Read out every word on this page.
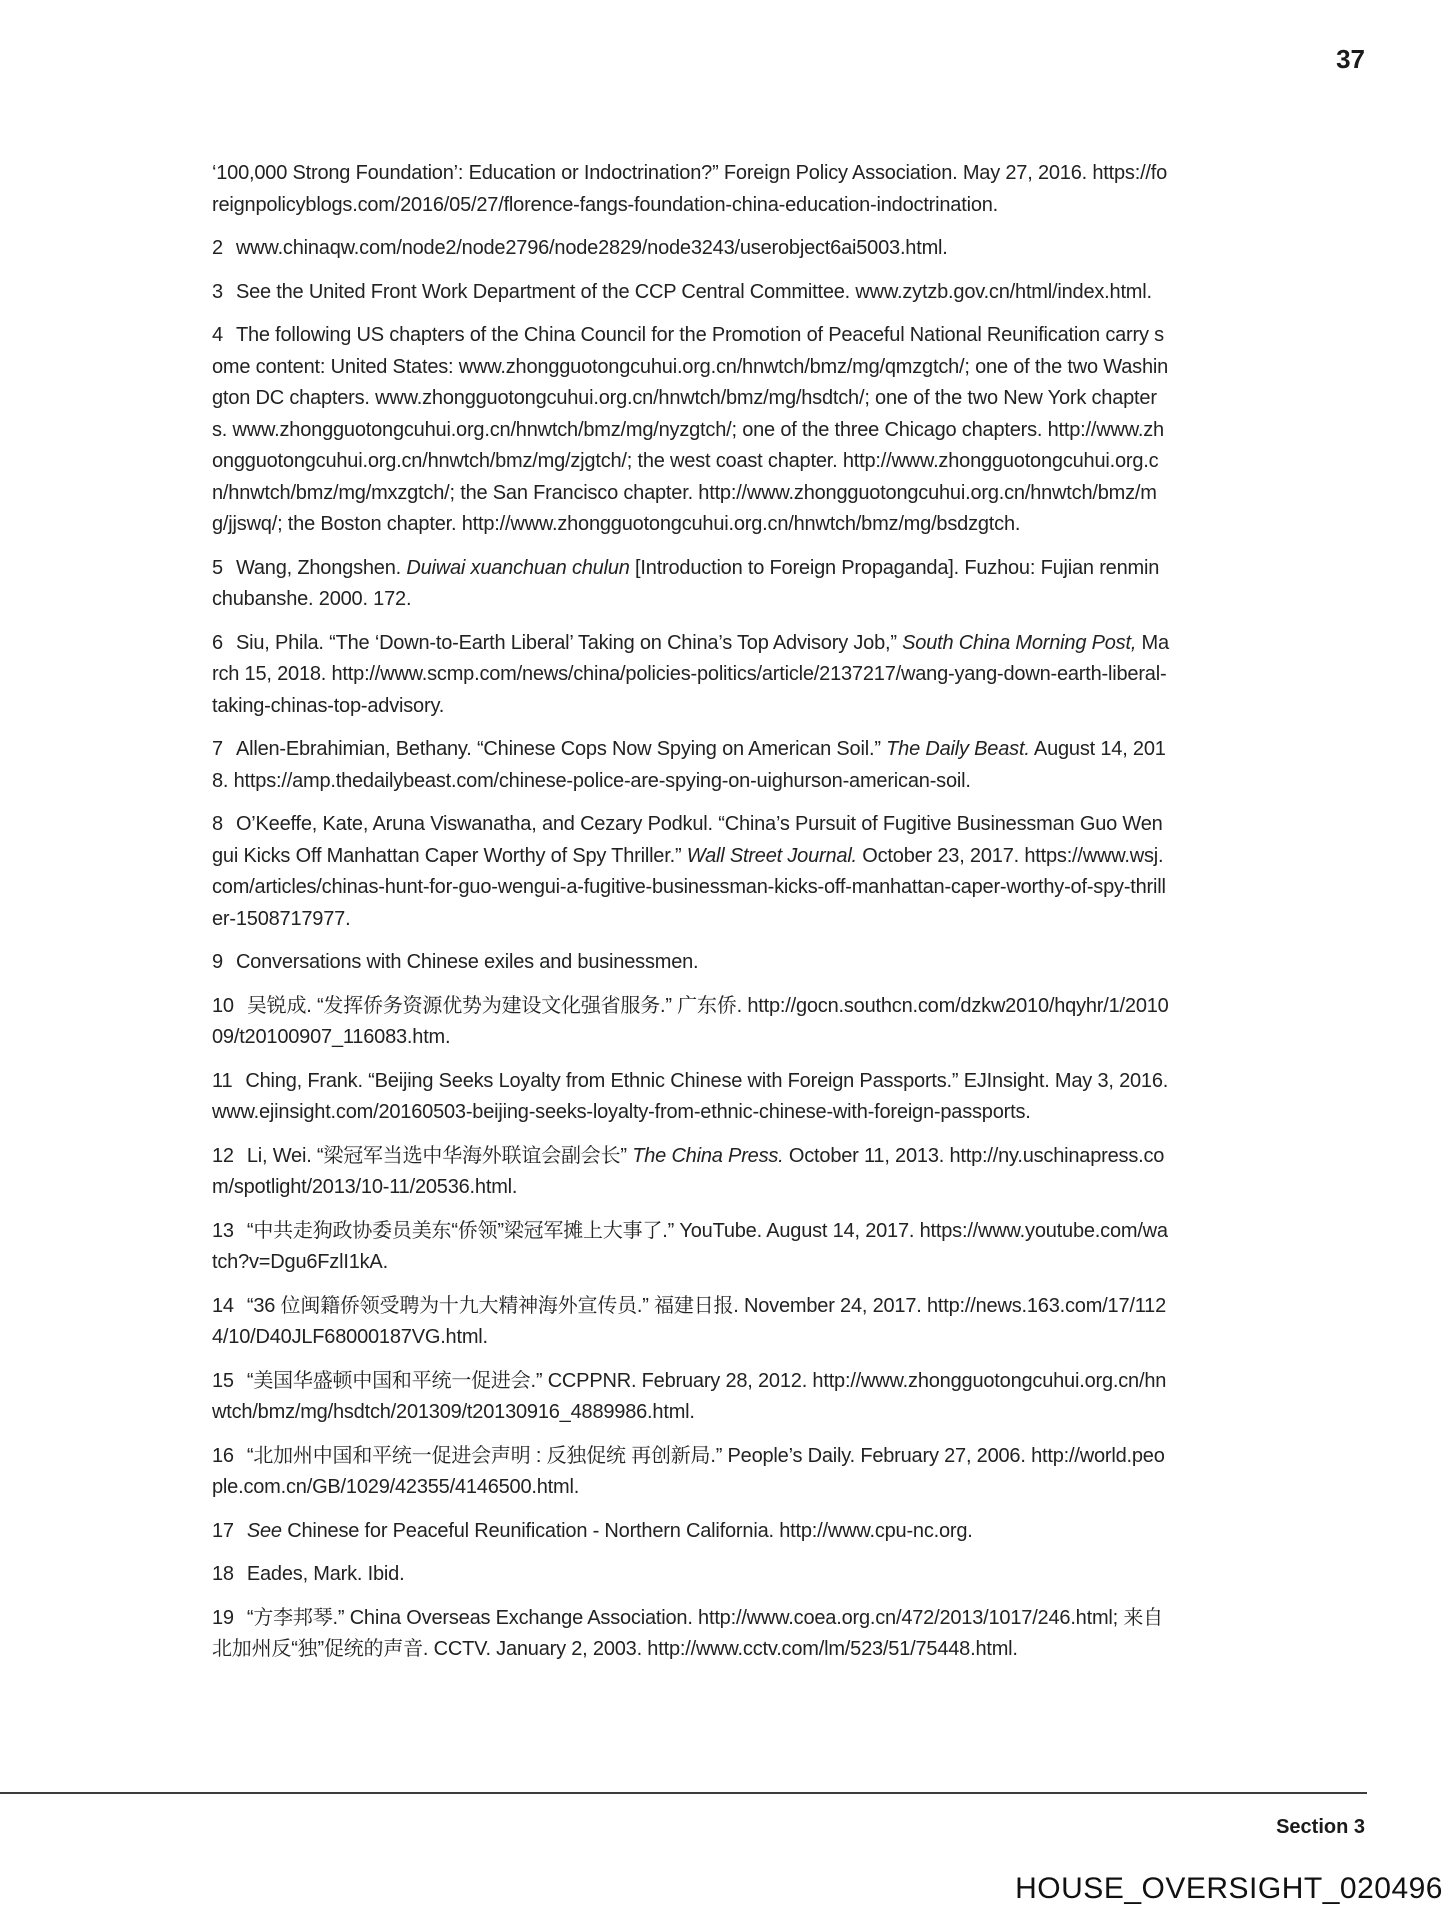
37

‘100,000 Strong Foundation’: Education or Indoctrination?” Foreign Policy Association. May 27, 2016. https://foreignpolicyblogs.com/2016/05/27/florence-fangs-foundation-china-education-indoctrination.

2 www.chinaqw.com/node2/node2796/node2829/node3243/userobject6ai5003.html.

3 See the United Front Work Department of the CCP Central Committee. www.zytzb.gov.cn/html/index.html.

4 The following US chapters of the China Council for the Promotion of Peaceful National Reunification carry some content: United States: www.zhongguotongcuhui.org.cn/hnwtch/bmz/mg/qmzgtch/; one of the two Washington DC chapters. www.zhongguotongcuhui.org.cn/hnwtch/bmz/mg/hsdtch/; one of the two New York chapters. www.zhongguotongcuhui.org.cn/hnwtch/bmz/mg/nyzgtch/; one of the three Chicago chapters. http://www.zhongguotongcuhui.org.cn/hnwtch/bmz/mg/zjgtch/; the west coast chapter. http://www.zhongguotongcuhui.org.cn/hnwtch/bmz/mg/mxzgtch/; the San Francisco chapter. http://www.zhongguotongcuhui.org.cn/hnwtch/bmz/mg/jjswq/; the Boston chapter. http://www.zhongguotongcuhui.org.cn/hnwtch/bmz/mg/bsdzgtch.

5 Wang, Zhongshen. Duiwai xuanchuan chulun [Introduction to Foreign Propaganda]. Fuzhou: Fujian renmin chubanshe. 2000. 172.

6 Siu, Phila. “The ‘Down-to-Earth Liberal’ Taking on China’s Top Advisory Job,” South China Morning Post, March 15, 2018. http://www.scmp.com/news/china/policies-politics/article/2137217/wang-yang-down-earth-liberal-taking-chinas-top-advisory.

7 Allen-Ebrahimian, Bethany. “Chinese Cops Now Spying on American Soil.” The Daily Beast. August 14, 2018. https://amp.thedailybeast.com/chinese-police-are-spying-on-uighurson-american-soil.

8 O’Keeffe, Kate, Aruna Viswanatha, and Cezary Podkul. “China’s Pursuit of Fugitive Businessman Guo Wengui Kicks Off Manhattan Caper Worthy of Spy Thriller.” Wall Street Journal. October 23, 2017. https://www.wsj.com/articles/chinas-hunt-for-guo-wengui-a-fugitive-businessman-kicks-off-manhattan-caper-worthy-of-spy-thriller-1508717977.

9 Conversations with Chinese exiles and businessmen.

10 吴锐成. “发挥侨务资源优势为建设文化强省服务.” 广东侨. http://gocn.southcn.com/dzkw2010/hqyhr/1/201009/t20100907_116083.htm.

11 Ching, Frank. “Beijing Seeks Loyalty from Ethnic Chinese with Foreign Passports.” EJInsight. May 3, 2016. www.ejinsight.com/20160503-beijing-seeks-loyalty-from-ethnic-chinese-with-foreign-passports.

12 Li, Wei. “梁冠军当选中华海外联谊会副会长” The China Press. October 11, 2013. http://ny.uschinapress.com/spotlight/2013/10-11/20536.html.

13 “中共走狗政协委员美东“侨领”梁冠军摊上大事了.” YouTube. August 14, 2017. https://www.youtube.com/watch?v=Dgu6FzlI1kA.

14 “36 位闽籍侨领受聘为十九大精神海外宣传员.” 福建日报. November 24, 2017. http://news.163.com/17/1124/10/D40JLF68000187VG.html.

15 “美国华盛顿中国和平统一促进会.” CCPPNR. February 28, 2012. http://www.zhongguotongcuhui.org.cn/hnwtch/bmz/mg/hsdtch/201309/t20130916_4889986.html.

16 “北加州中国和平统一促进会声明 : 反独促统 再创新局.” People’s Daily. February 27, 2006. http://world.people.com.cn/GB/1029/42355/4146500.html.

17 See Chinese for Peaceful Reunification - Northern California. http://www.cpu-nc.org.

18 Eades, Mark. Ibid.

19 “方李邦琴.” China Overseas Exchange Association. http://www.coea.org.cn/472/2013/1017/246.html; 来自北加州反“独”促统的声音. CCTV. January 2, 2003. http://www.cctv.com/lm/523/51/75448.html.

Section 3
HOUSE_OVERSIGHT_020496
